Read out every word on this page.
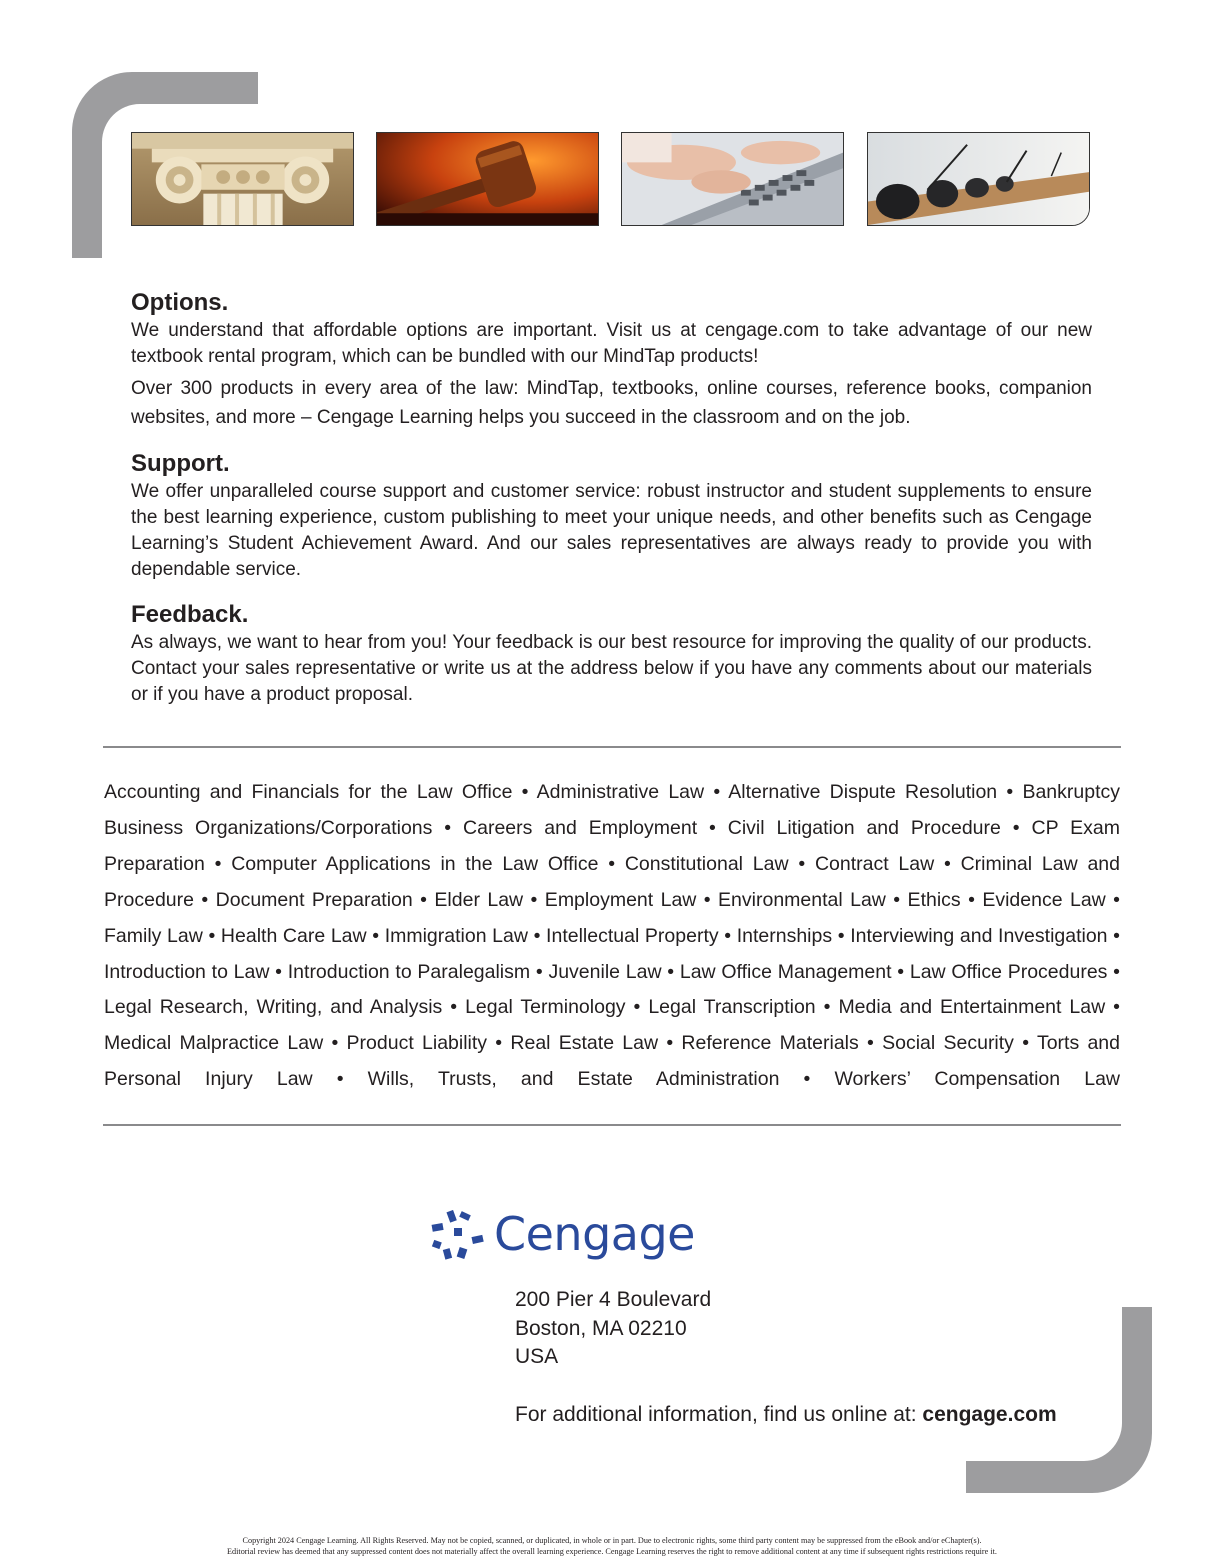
Options.

We understand that affordable options are important. Visit us at cengage.com to take advantage of our new textbook rental program, which can be bundled with our MindTap products!

Over 300 products in every area of the law: MindTap, textbooks, online courses, reference books, companion websites, and more – Cengage Learning helps you succeed in the classroom and on the job.

Support.

We offer unparalleled course support and customer service: robust instructor and student supplements to ensure the best learning experience, custom publishing to meet your unique needs, and other benefits such as Cengage Learning’s Student Achievement Award. And our sales representatives are always ready to provide you with dependable service.

Feedback.

As always, we want to hear from you! Your feedback is our best resource for improving the quality of our products. Contact your sales representative or write us at the address below if you have any comments about our materials or if you have a product proposal.

Accounting and Financials for the Law Office • Administrative Law • Alternative Dispute Resolution • Bankruptcy Business Organizations/Corporations • Careers and Employment • Civil Litigation and Procedure • CP Exam Preparation • Computer Applications in the Law Office • Constitutional Law • Contract Law • Criminal Law and Procedure • Document Preparation • Elder Law • Employment Law • Environmental Law • Ethics • Evidence Law • Family Law • Health Care Law • Immigration Law • Intellectual Property • Internships • Interviewing and Investigation • Introduction to Law • Introduction to Paralegalism • Juvenile Law • Law Office Management • Law Office Procedures • Legal Research, Writing, and Analysis • Legal Terminology • Legal Transcription • Media and Entertainment Law • Medical Malpractice Law • Product Liability • Real Estate Law • Reference Materials • Social Security • Torts and Personal Injury Law • Wills, Trusts, and Estate Administration • Workers’ Compensation Law
Cengage
200 Pier 4 Boulevard
Boston, MA 02210
USA
For additional information, find us online at: cengage.com
Copyright 2024 Cengage Learning. All Rights Reserved. May not be copied, scanned, or duplicated, in whole or in part. Due to electronic rights, some third party content may be suppressed from the eBook and/or eChapter(s).
Editorial review has deemed that any suppressed content does not materially affect the overall learning experience. Cengage Learning reserves the right to remove additional content at any time if subsequent rights restrictions require it.
